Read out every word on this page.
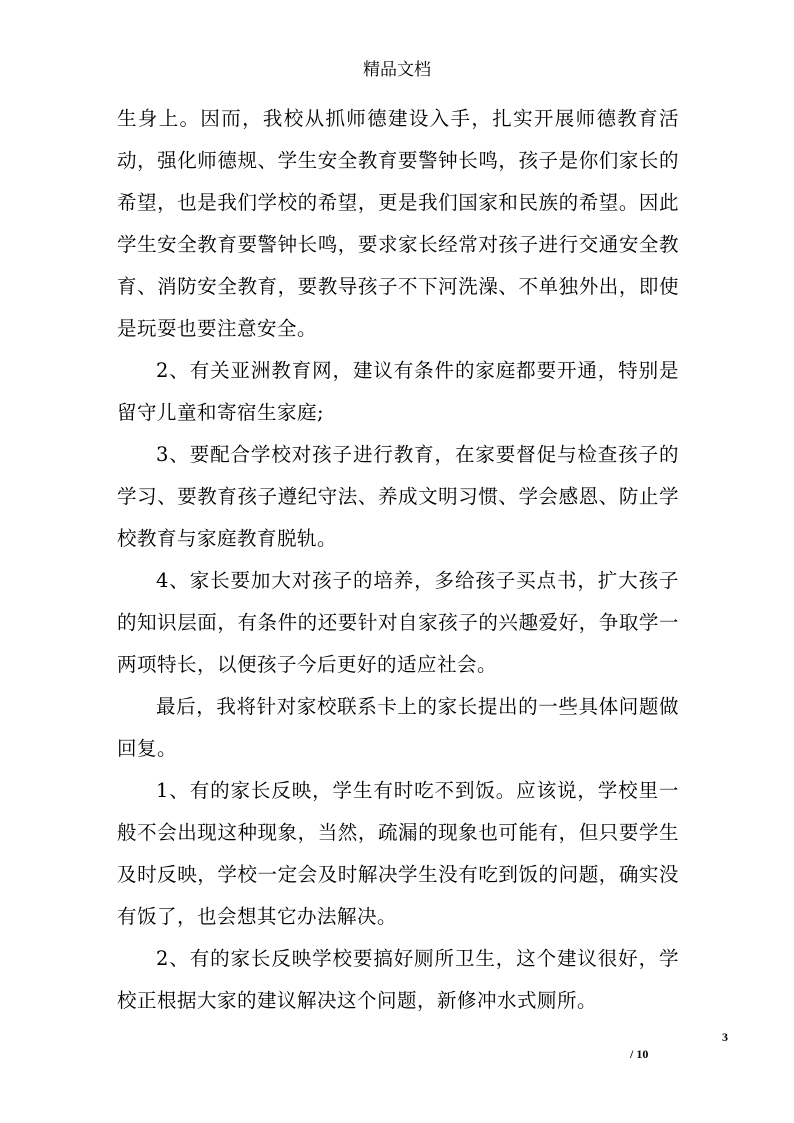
精品文档

生身上。因而，我校从抓师德建设入手，扎实开展师德教育活动，强化师德规、学生安全教育要警钟长鸣，孩子是你们家长的希望，也是我们学校的希望，更是我们国家和民族的希望。因此学生安全教育要警钟长鸣，要求家长经常对孩子进行交通安全教育、消防安全教育，要教导孩子不下河洗澡、不单独外出，即使是玩耍也要注意安全。

2、有关亚洲教育网，建议有条件的家庭都要开通，特别是留守儿童和寄宿生家庭;

3、要配合学校对孩子进行教育，在家要督促与检查孩子的学习、要教育孩子遵纪守法、养成文明习惯、学会感恩、防止学校教育与家庭教育脱轨。

4、家长要加大对孩子的培养，多给孩子买点书，扩大孩子的知识层面，有条件的还要针对自家孩子的兴趣爱好，争取学一两项特长，以便孩子今后更好的适应社会。

最后，我将针对家校联系卡上的家长提出的一些具体问题做回复。

1、有的家长反映，学生有时吃不到饭。应该说，学校里一般不会出现这种现象，当然，疏漏的现象也可能有，但只要学生及时反映，学校一定会及时解决学生没有吃到饭的问题，确实没有饭了，也会想其它办法解决。

2、有的家长反映学校要搞好厕所卫生，这个建议很好，学校正根据大家的建议解决这个问题，新修冲水式厕所。

3
/ 10
